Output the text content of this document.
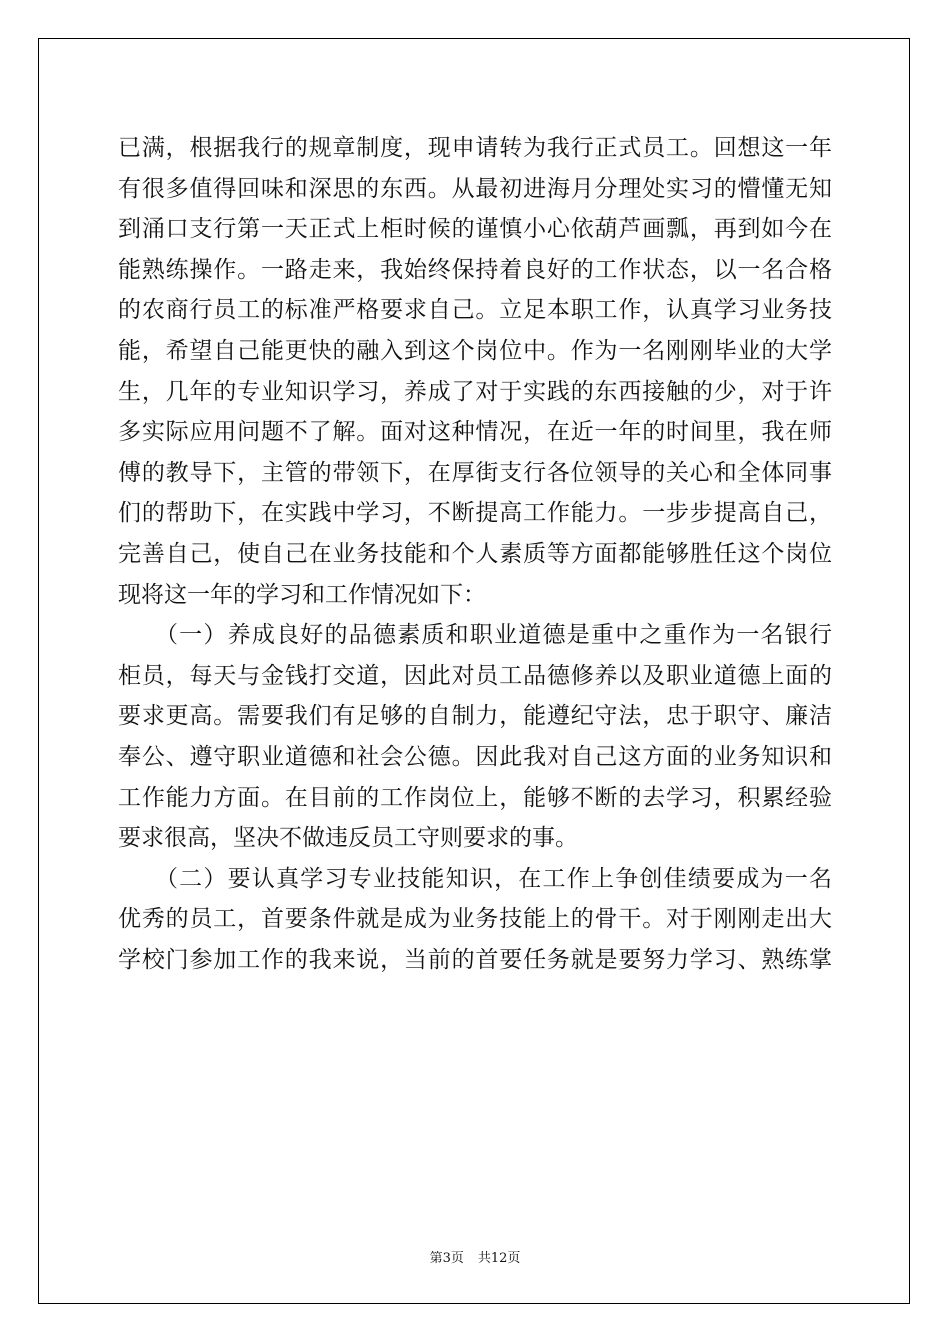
已满，根据我行的规章制度，现申请转为我行正式员工。回想这一年
有很多值得回味和深思的东西。从最初进海月分理处实习的懵懂无知
到涌口支行第一天正式上柜时候的谨慎小心依葫芦画瓢，再到如今在
能熟练操作。一路走来，我始终保持着良好的工作状态，以一名合格
的农商行员工的标准严格要求自己。立足本职工作，认真学习业务技
能，希望自己能更快的融入到这个岗位中。作为一名刚刚毕业的大学
生，几年的专业知识学习，养成了对于实践的东西接触的少，对于许
多实际应用问题不了解。面对这种情况，在近一年的时间里，我在师
傅的教导下，主管的带领下，在厚街支行各位领导的关心和全体同事
们的帮助下，在实践中学习，不断提高工作能力。一步步提高自己，
完善自己，使自己在业务技能和个人素质等方面都能够胜任这个岗位
现将这一年的学习和工作情况如下：
　　（一）养成良好的品德素质和职业道德是重中之重作为一名银行
柜员，每天与金钱打交道，因此对员工品德修养以及职业道德上面的
要求更高。需要我们有足够的自制力，能遵纪守法，忠于职守、廉洁
奉公、遵守职业道德和社会公德。因此我对自己这方面的业务知识和
工作能力方面。在目前的工作岗位上，能够不断的去学习，积累经验
要求很高，坚决不做违反员工守则要求的事。
　　（二）要认真学习专业技能知识，在工作上争创佳绩要成为一名
优秀的员工，首要条件就是成为业务技能上的骨干。对于刚刚走出大
学校门参加工作的我来说，当前的首要任务就是要努力学习、熟练掌
第3页 共12页
